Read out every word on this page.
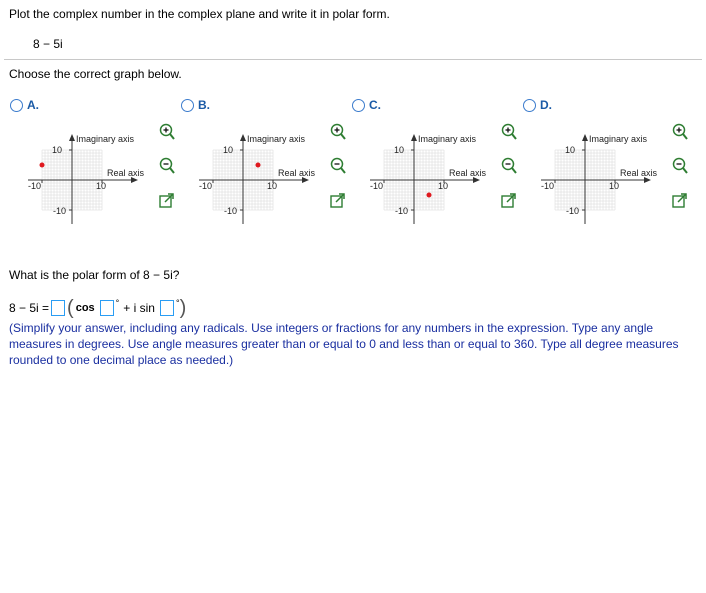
Plot the complex number in the complex plane and write it in polar form.
8 − 5i
Choose the correct graph below.
A.	B.	C.	D.
Imaginary axis
Real axis
10
-10	10
-10
Imaginary axis
Real axis
10
-10	10
-10
Imaginary axis
Real axis
10
-10	10
-10
Imaginary axis
Real axis
10
-10	10
-10
What is the polar form of 8 − 5i?
8 − 5i = ( cos ° + i sin ° )
(Simplify your answer, including any radicals. Use integers or fractions for any numbers in the expression. Type any angle measures in degrees. Use angle measures greater than or equal to 0 and less than or equal to 360. Type all degree measures rounded to one decimal place as needed.)
